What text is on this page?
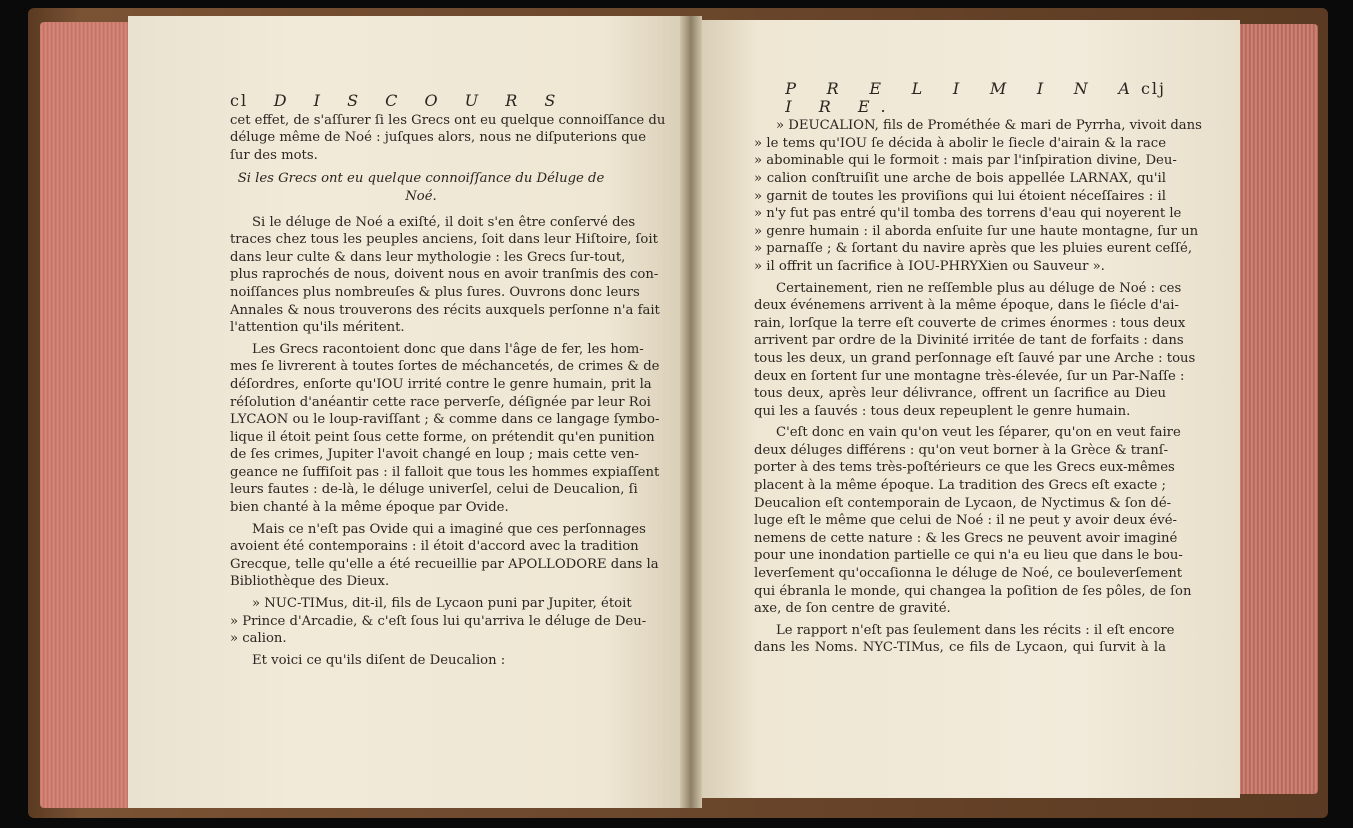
cl D I S C O U R S
cet effet, de s'aſſurer ſi les Grecs ont eu quelque connoiſſance du
déluge même de Noé : juſques alors, nous ne diſputerions que
ſur des mots.
Si les Grecs ont eu quelque connoiſſance du Déluge de Noé.
Si le déluge de Noé a exiſté, il doit s'en être conſervé des
traces chez tous les peuples anciens, ſoit dans leur Hiſtoire, ſoit
dans leur culte & dans leur mythologie : les Grecs ſur-tout,
plus raprochés de nous, doivent nous en avoir tranſmis des con-
noiſſances plus nombreuſes & plus ſures. Ouvrons donc leurs
Annales & nous trouverons des récits auxquels perſonne n'a fait
l'attention qu'ils méritent.
Les Grecs racontoient donc que dans l'âge de fer, les hom-
mes ſe livrerent à toutes ſortes de méchancetés, de crimes & de
déſordres, enſorte qu'IOU irrité contre le genre humain, prit la
réſolution d'anéantir cette race perverſe, déſignée par leur Roi
LYCAON ou le loup-raviſſant ; & comme dans ce langage ſymbo-
lique il étoit peint ſous cette forme, on prétendit qu'en punition
de ſes crimes, Jupiter l'avoit changé en loup ; mais cette ven-
geance ne ſuffiſoit pas : il falloit que tous les hommes expiaſſent
leurs fautes : de-là, le déluge univerſel, celui de Deucalion, ſi
bien chanté à la même époque par Ovide.
Mais ce n'eſt pas Ovide qui a imaginé que ces perſonnages
avoient été contemporains : il étoit d'accord avec la tradition
Grecque, telle qu'elle a été recueillie par APOLLODORE dans la
Bibliothèque des Dieux.
» NUC-TIMus, dit-il, fils de Lycaon puni par Jupiter, étoit
» Prince d'Arcadie, & c'eſt ſous lui qu'arriva le déluge de Deu-
» calion.
Et voici ce qu'ils diſent de Deucalion :
P R E L I M I N A I R E.
clj
» DEUCALION, fils de Prométhée & mari de Pyrrha, vivoit dans
» le tems qu'IOU ſe décida à abolir le ſiecle d'airain & la race
» abominable qui le formoit : mais par l'inſpiration divine, Deu-
» calion conſtruiſit une arche de bois appellée LARNAX, qu'il
» garnit de toutes les proviſions qui lui étoient néceſſaires : il
» n'y fut pas entré qu'il tomba des torrens d'eau qui noyerent le
» genre humain : il aborda enſuite ſur une haute montagne, ſur un
» parnaſſe ; & ſortant du navire après que les pluies eurent ceſſé,
» il offrit un ſacrifice à IOU-PHRYXien ou Sauveur ».
Certainement, rien ne reſſemble plus au déluge de Noé : ces
deux événemens arrivent à la même époque, dans le ſiécle d'ai-
rain, lorſque la terre eſt couverte de crimes énormes : tous deux
arrivent par ordre de la Divinité irritée de tant de forfaits : dans
tous les deux, un grand perſonnage eſt ſauvé par une Arche : tous
deux en ſortent ſur une montagne très-élevée, ſur un Par-Naſſe :
tous deux, après leur délivrance, offrent un ſacrifice au Dieu
qui les a ſauvés : tous deux repeuplent le genre humain.
C'eſt donc en vain qu'on veut les ſéparer, qu'on en veut faire
deux déluges différens : qu'on veut borner à la Grèce & tranſ-
porter à des tems très-poſtérieurs ce que les Grecs eux-mêmes
placent à la même époque. La tradition des Grecs eſt exacte ;
Deucalion eſt contemporain de Lycaon, de Nyctimus & ſon dé-
luge eſt le même que celui de Noé : il ne peut y avoir deux évé-
nemens de cette nature : & les Grecs ne peuvent avoir imaginé
pour une inondation partielle ce qui n'a eu lieu que dans le bou-
leverſement qu'occaſionna le déluge de Noé, ce bouleverſement
qui ébranla le monde, qui changea la poſition de ſes pôles, de ſon
axe, de ſon centre de gravité.
Le rapport n'eſt pas ſeulement dans les récits : il eſt encore
dans les Noms. NYC-TIMus, ce fils de Lycaon, qui ſurvit à la
